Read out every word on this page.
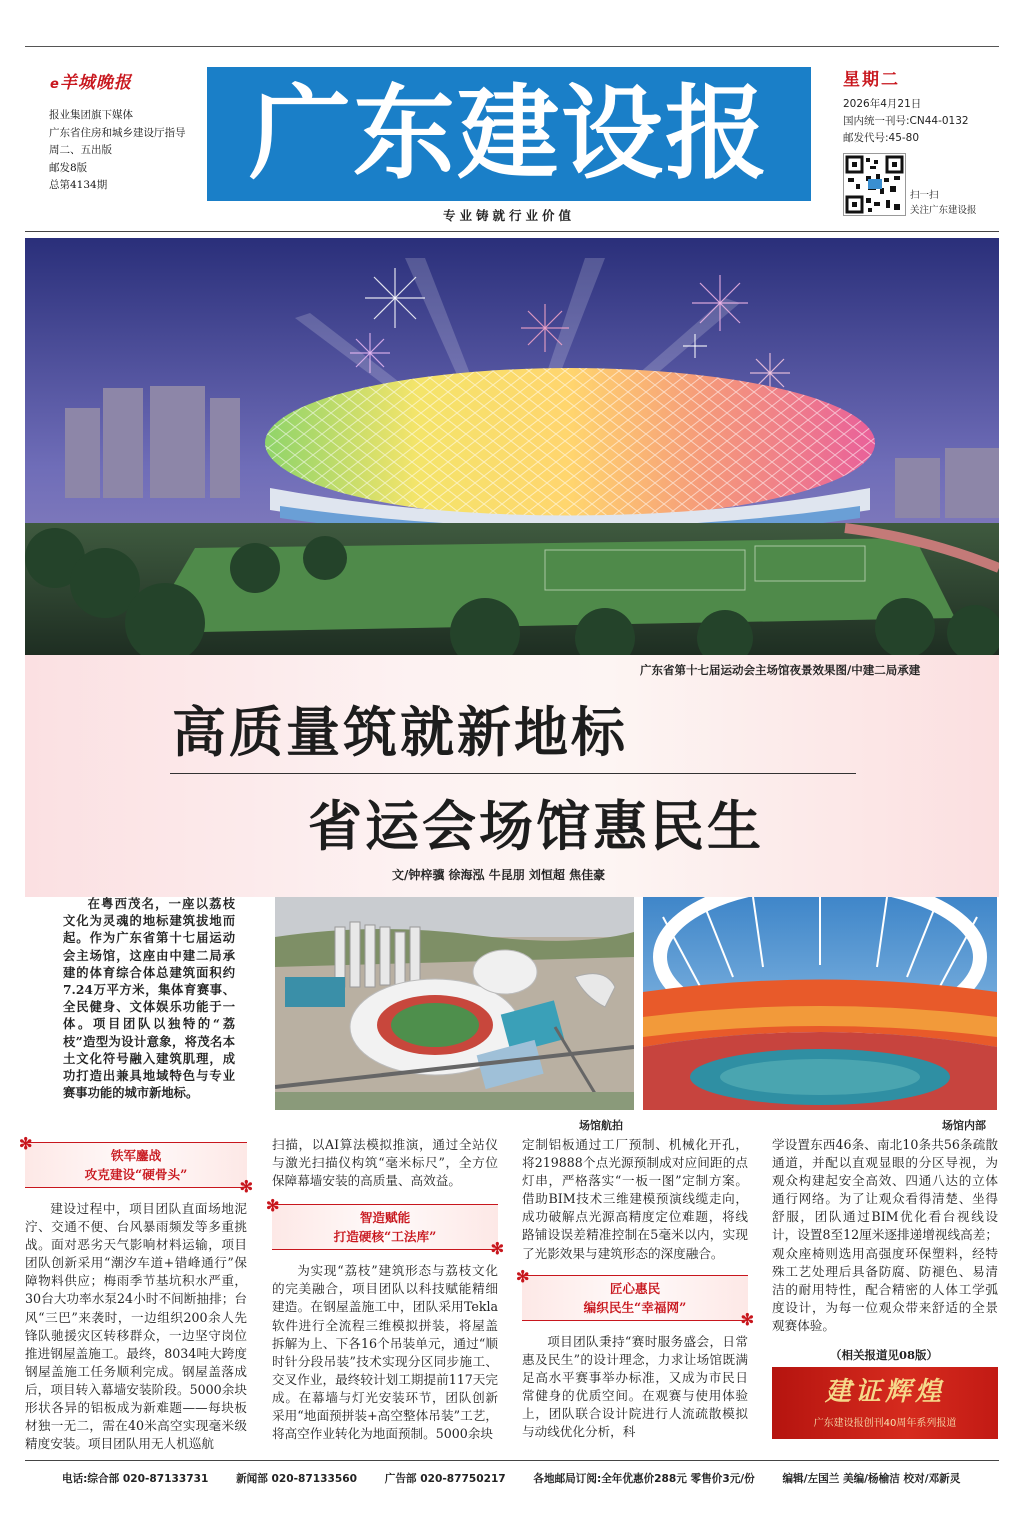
e羊城晚报
报业集团旗下媒体
广东省住房和城乡建设厅指导
周二、五出版
邮发8版
总第4134期	广东建设报
专业铸就行业价值
星期二
2026年4月21日
国内统一刊号:CN44-0132
邮发代号:45-80
扫一扫
关注广东建设报
广东省第十七届运动会主场馆夜景效果图/中建二局承建
高质量筑就新地标
省运会场馆惠民生
文/钟梓骥 徐海泓 牛昆朋 刘恒超 焦佳豪
在粤西茂名，一座以荔枝文化为灵魂的地标建筑拔地而起。作为广东省第十七届运动会主场馆，这座由中建二局承建的体育综合体总建筑面积约7.24万平方米，集体育赛事、全民健身、文体娱乐功能于一体。项目团队以独特的“荔枝”造型为设计意象，将茂名本土文化符号融入建筑肌理，成功打造出兼具地域特色与专业赛事功能的城市新地标。
场馆航拍	场馆内部
✻
铁军鏖战
攻克建设“硬骨头”
✻

建设过程中，项目团队直面场地泥泞、交通不便、台风暴雨频发等多重挑战。面对恶劣天气影响材料运输，项目团队创新采用“潮汐车道+错峰通行”保障物料供应；梅雨季节基坑积水严重，30台大功率水泵24小时不间断抽排；台风“三巴”来袭时，一边组织200余人先锋队驰援灾区转移群众，一边坚守岗位推进钢屋盖施工。最终，8034吨大跨度钢屋盖施工任务顺利完成。钢屋盖落成后，项目转入幕墙安装阶段。5000余块形状各异的铝板成为新难题——每块板材独一无二，需在40米高空实现毫米级精度安装。项目团队用无人机巡航

扫描，以AI算法模拟推演，通过全站仪与激光扫描仪构筑“毫米标尺”，全方位保障幕墙安装的高质量、高效益。

✻
智造赋能
打造硬核“工法库”
✻

为实现“荔枝”建筑形态与荔枝文化的完美融合，项目团队以科技赋能精细建造。在钢屋盖施工中，团队采用Tekla软件进行全流程三维模拟拼装，将屋盖拆解为上、下各16个吊装单元，通过“顺时针分段吊装”技术实现分区同步施工、交叉作业，最终较计划工期提前117天完成。在幕墙与灯光安装环节，团队创新采用“地面预拼装+高空整体吊装”工艺，将高空作业转化为地面预制。5000余块

定制铝板通过工厂预制、机械化开孔，将219888个点光源预制成对应间距的点灯串，严格落实“一板一图”定制方案。借助BIM技术三维建模预演线缆走向，成功破解点光源高精度定位难题，将线路铺设误差精准控制在5毫米以内，实现了光影效果与建筑形态的深度融合。

✻
匠心惠民
编织民生“幸福网”
✻

项目团队秉持“赛时服务盛会，日常惠及民生”的设计理念，力求让场馆既满足高水平赛事举办标准，又成为市民日常健身的优质空间。在观赛与使用体验上，团队联合设计院进行人流疏散模拟与动线优化分析，科

学设置东西46条、南北10条共56条疏散通道，并配以直观显眼的分区导视，为观众构建起安全高效、四通八达的立体通行网络。为了让观众看得清楚、坐得舒服，团队通过BIM优化看台视线设计，设置8至12厘米逐排递增视线高差；观众座椅则选用高强度环保塑料，经特殊工艺处理后具备防腐、防褪色、易清洁的耐用特性，配合精密的人体工学弧度设计，为每一位观众带来舒适的全景观赛体验。

（相关报道见08版）
建证辉煌
广东建设报创刊40周年系列报道
电话:综合部 020-87133731	新闻部 020-87133560	广告部 020-87750217	各地邮局订阅:全年优惠价288元 零售价3元/份	编辑/左国兰 美编/杨榆洁 校对/邓新灵
